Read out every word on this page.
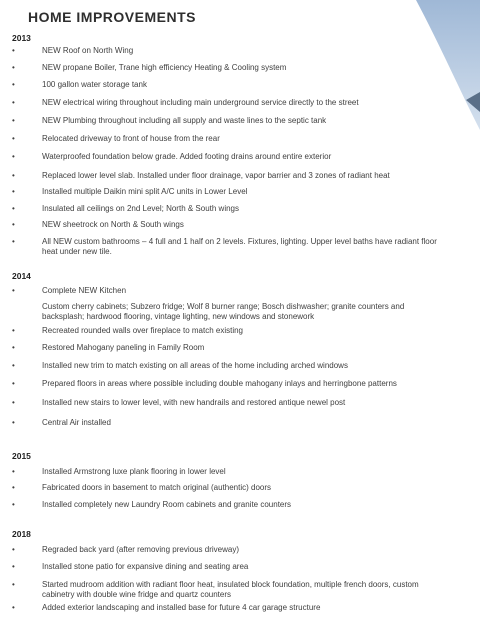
HOME IMPROVEMENTS
2013
•	NEW Roof on North Wing
•	NEW propane Boiler, Trane high efficiency Heating & Cooling system
•	100 gallon water storage tank
•	NEW electrical wiring throughout including main underground service directly to the street
•	NEW Plumbing throughout including all supply and waste lines to the septic tank
•	Relocated driveway to front of house from the rear
•	Waterproofed foundation below grade. Added footing drains around entire exterior
•	Replaced lower level slab. Installed under floor drainage, vapor barrier and 3 zones of radiant heat
•	Installed multiple Daikin mini split A/C units in Lower Level
•	Insulated all ceilings on 2nd Level; North & South wings
•	NEW sheetrock on North & South wings
•	All NEW custom bathrooms – 4 full and 1 half on 2 levels. Fixtures, lighting. Upper level baths have radiant floor heat under new tile.
2014
•	Complete NEW Kitchen
Custom cherry cabinets; Subzero fridge; Wolf 8 burner range; Bosch dishwasher; granite counters and backsplash; hardwood flooring, vintage lighting, new windows and stonework
•	Recreated rounded walls over fireplace to match existing
•	Restored Mahogany paneling in Family Room
•	Installed new trim to match existing on all areas of the home including arched windows
•	Prepared floors in areas where possible including double mahogany inlays and herringbone patterns
•	Installed new stairs to lower level, with new handrails and restored antique newel post
•	Central Air installed
2015
•	Installed Armstrong luxe plank flooring in lower level
•	Fabricated doors in basement to match original (authentic) doors
•	Installed completely new Laundry Room cabinets and granite counters
2018
•	Regraded back yard (after removing previous driveway)
•	Installed stone patio for expansive dining and seating area
•	Started mudroom addition with radiant floor heat, insulated block foundation, multiple french doors, custom cabinetry with double wine fridge and quartz counters
•	Added exterior landscaping and installed base for future 4 car garage structure
